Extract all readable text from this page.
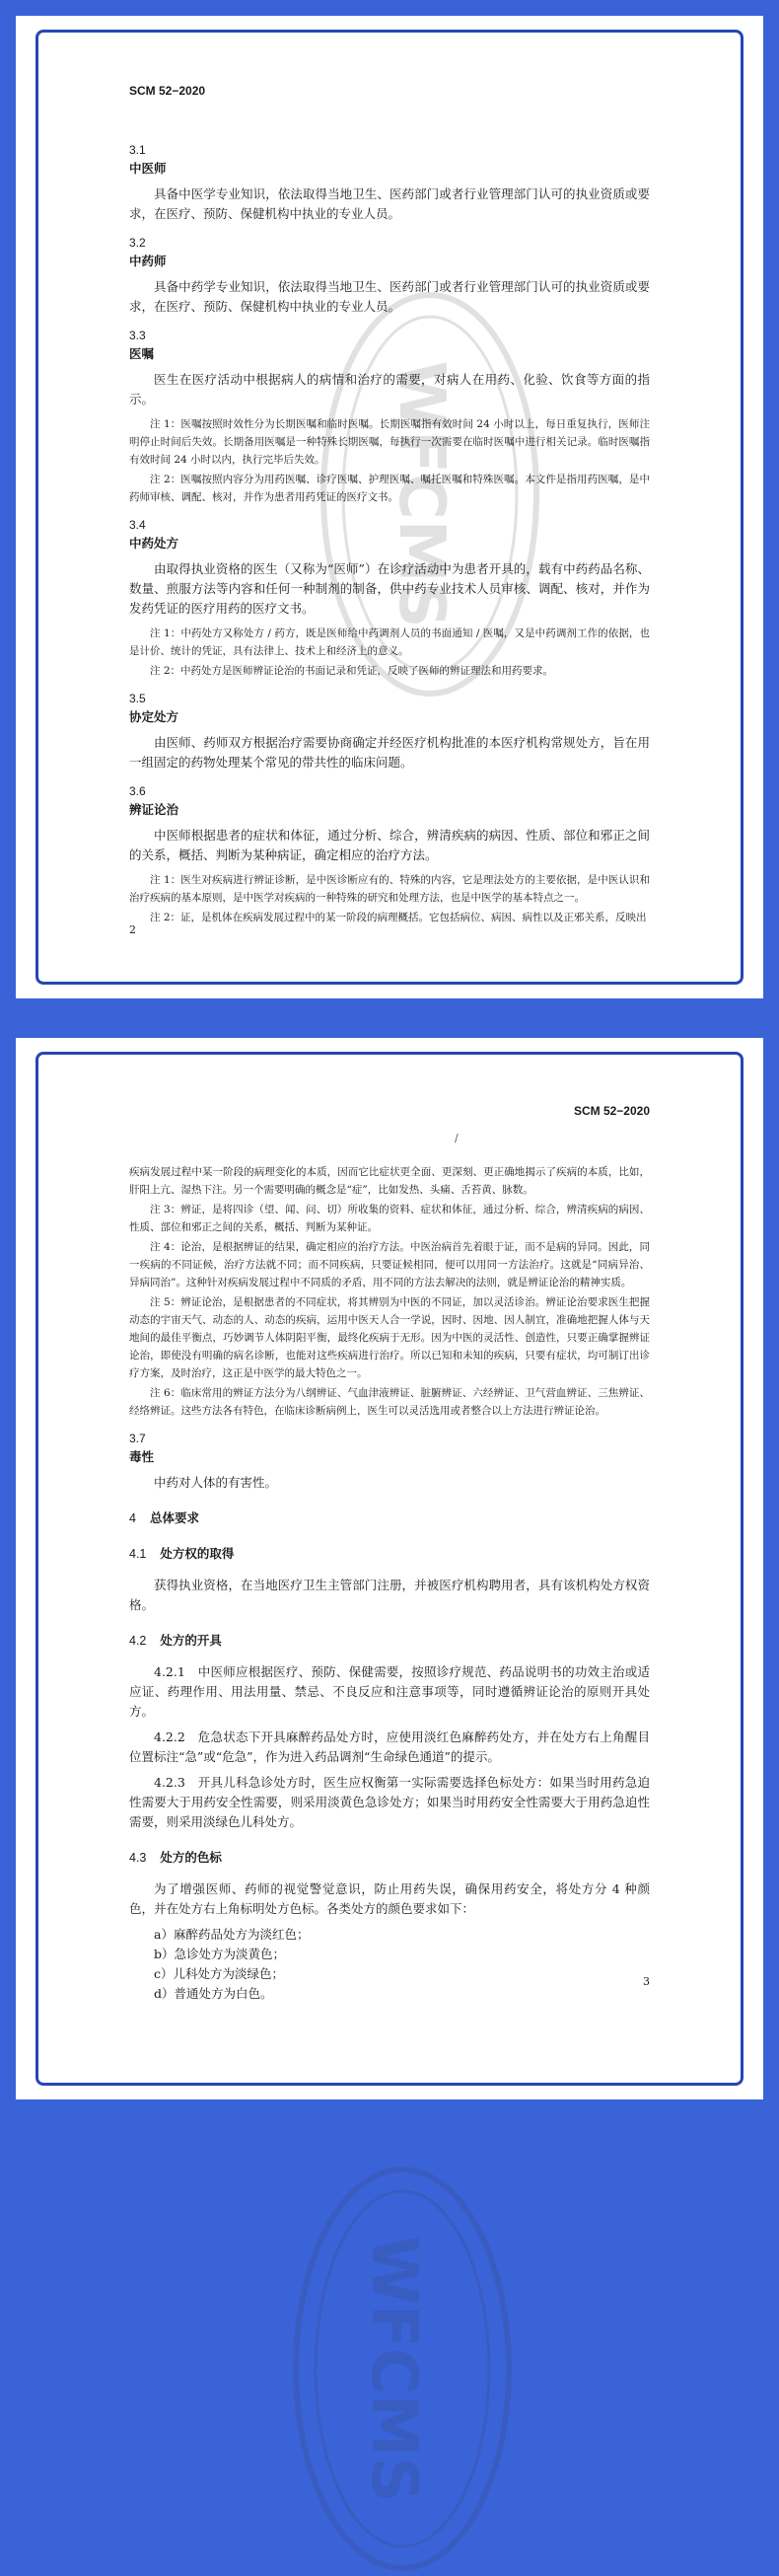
WFCMS
SCM 52−2020
3.1
中医师

具备中医学专业知识，依法取得当地卫生、医药部门或者行业管理部门认可的执业资质或要求，在医疗、预防、保健机构中执业的专业人员。

3.2
中药师

具备中药学专业知识，依法取得当地卫生、医药部门或者行业管理部门认可的执业资质或要求，在医疗、预防、保健机构中执业的专业人员。

3.3
医嘱

医生在医疗活动中根据病人的病情和治疗的需要，对病人在用药、化验、饮食等方面的指示。

注 1：医嘱按照时效性分为长期医嘱和临时医嘱。长期医嘱指有效时间 24 小时以上，每日重复执行，医师注明停止时间后失效。长期备用医嘱是一种特殊长期医嘱，每执行一次需要在临时医嘱中进行相关记录。临时医嘱指有效时间 24 小时以内，执行完毕后失效。

注 2：医嘱按照内容分为用药医嘱、诊疗医嘱、护理医嘱、嘱托医嘱和特殊医嘱。本文件是指用药医嘱，是中药师审核、调配、核对，并作为患者用药凭证的医疗文书。

3.4
中药处方

由取得执业资格的医生（又称为“医师”）在诊疗活动中为患者开具的，载有中药药品名称、数量、煎服方法等内容和任何一种制剂的制备，供中药专业技术人员审核、调配、核对，并作为发药凭证的医疗用药的医疗文书。

注 1：中药处方又称处方 / 药方，既是医师给中药调剂人员的书面通知 / 医嘱，又是中药调剂工作的依据，也是计价、统计的凭证，具有法律上、技术上和经济上的意义。

注 2：中药处方是医师辨证论治的书面记录和凭证，反映了医师的辨证理法和用药要求。

3.5
协定处方

由医师、药师双方根据治疗需要协商确定并经医疗机构批准的本医疗机构常规处方，旨在用一组固定的药物处理某个常见的带共性的临床问题。

3.6
辨证论治

中医师根据患者的症状和体征，通过分析、综合，辨清疾病的病因、性质、部位和邪正之间的关系，概括、判断为某种病证，确定相应的治疗方法。

注 1：医生对疾病进行辨证诊断，是中医诊断应有的、特殊的内容，它是理法处方的主要依据，是中医认识和治疗疾病的基本原则，是中医学对疾病的一种特殊的研究和处理方法，也是中医学的基本特点之一。

注 2：证，是机体在疾病发展过程中的某一阶段的病理概括。它包括病位、病因、病性以及正邪关系，反映出

2
WFCMS
SCM 52−2020
/

疾病发展过程中某一阶段的病理变化的本质，因而它比症状更全面、更深刻、更正确地揭示了疾病的本质，比如，肝阳上亢、湿热下注。另一个需要明确的概念是“症”，比如发热、头痛、舌苔黄、脉数。

注 3：辨证，是将四诊（望、闻、问、切）所收集的资料、症状和体征，通过分析、综合，辨清疾病的病因、性质、部位和邪正之间的关系，概括、判断为某种证。

注 4：论治，是根据辨证的结果，确定相应的治疗方法。中医治病首先着眼于证，而不是病的异同。因此，同一疾病的不同证候，治疗方法就不同；而不同疾病，只要证候相同，便可以用同一方法治疗。这就是“同病异治、异病同治”。这种针对疾病发展过程中不同质的矛盾，用不同的方法去解决的法则，就是辨证论治的精神实质。

注 5：辨证论治，是根据患者的不同症状，将其辨别为中医的不同证，加以灵活诊治。辨证论治要求医生把握动态的宇宙天气、动态的人、动态的疾病，运用中医天人合一学说，因时、因地、因人制宜，准确地把握人体与天地间的最佳平衡点，巧妙调节人体阴阳平衡，最终化疾病于无形。因为中医的灵活性、创造性，只要正确掌握辨证论治，即使没有明确的病名诊断，也能对这些疾病进行治疗。所以已知和未知的疾病，只要有症状，均可制订出诊疗方案，及时治疗，这正是中医学的最大特色之一。

注 6：临床常用的辨证方法分为八纲辨证、气血津液辨证、脏腑辨证、六经辨证、卫气营血辨证、三焦辨证、经络辨证。这些方法各有特色，在临床诊断病例上，医生可以灵活选用或者整合以上方法进行辨证论治。

3.7
毒性

中药对人体的有害性。

4 总体要求
4.1 处方权的取得

获得执业资格，在当地医疗卫生主管部门注册，并被医疗机构聘用者，具有该机构处方权资格。

4.2 处方的开具

4.2.1　中医师应根据医疗、预防、保健需要，按照诊疗规范、药品说明书的功效主治或适应证、药理作用、用法用量、禁忌、不良反应和注意事项等，同时遵循辨证论治的原则开具处方。

4.2.2　危急状态下开具麻醉药品处方时，应使用淡红色麻醉药处方，并在处方右上角醒目位置标注“急”或“危急”，作为进入药品调剂“生命绿色通道”的提示。

4.2.3　开具儿科急诊处方时，医生应权衡第一实际需要选择色标处方：如果当时用药急迫性需要大于用药安全性需要，则采用淡黄色急诊处方；如果当时用药安全性需要大于用药急迫性需要，则采用淡绿色儿科处方。

4.3 处方的色标

为了增强医师、药师的视觉警觉意识，防止用药失误，确保用药安全，将处方分 4 种颜色，并在处方右上角标明处方色标。各类处方的颜色要求如下：

a）麻醉药品处方为淡红色；
b）急诊处方为淡黄色；
c）儿科处方为淡绿色；
d）普通处方为白色。
3
